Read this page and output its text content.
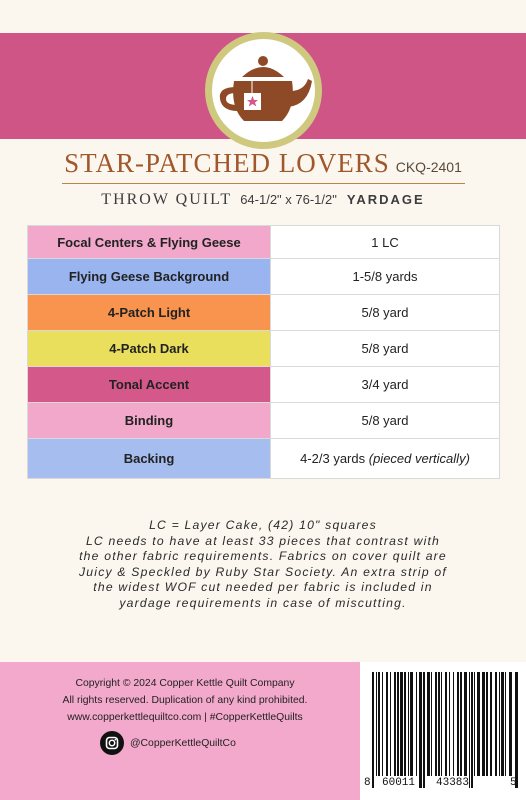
STAR-PATCHED LOVERS CKQ-2401
THROW QUILT 64-1/2" x 76-1/2" YARDAGE
Focal Centers & Flying Geese	1 LC
Flying Geese Background	1-5/8 yards
4-Patch Light	5/8 yard
4-Patch Dark	5/8 yard
Tonal Accent	3/4 yard
Binding	5/8 yard
Backing	4-2/3 yards (pieced vertically)
LC = Layer Cake, (42) 10" squares
LC needs to have at least 33 pieces that contrast with
the other fabric requirements. Fabrics on cover quilt are
Juicy & Speckled by Ruby Star Society. An extra strip of
the widest WOF cut needed per fabric is included in
yardage requirements in case of miscutting.
Copyright © 2024 Copper Kettle Quilt Company
All rights reserved. Duplication of any kind prohibited.
www.copperkettlequiltco.com | #CopperKettleQuilts
@CopperKettleQuiltCo
8 60011 43383	5
